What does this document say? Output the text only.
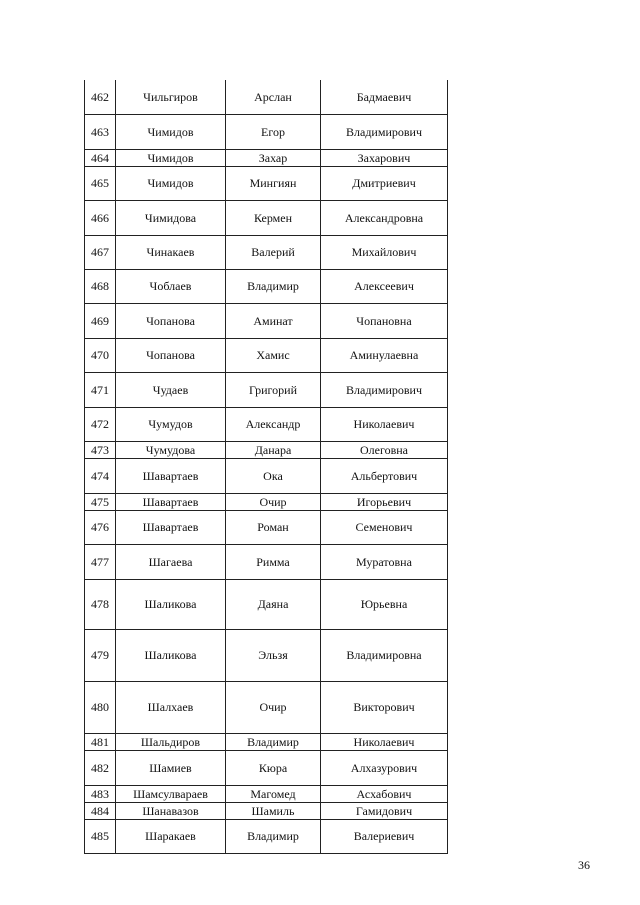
462	Чильгиров	Арслан	Бадмаевич
463	Чимидов	Егор	Владимирович
464	Чимидов	Захар	Захарович
465	Чимидов	Мингиян	Дмитриевич
466	Чимидова	Кермен	Александровна
467	Чинакаев	Валерий	Михайлович
468	Чоблаев	Владимир	Алексеевич
469	Чопанова	Аминат	Чопановна
470	Чопанова	Хамис	Аминулаевна
471	Чудаев	Григорий	Владимирович
472	Чумудов	Александр	Николаевич
473	Чумудова	Данара	Олеговна
474	Шавартаев	Ока	Альбертович
475	Шавартаев	Очир	Игорьевич
476	Шавартаев	Роман	Семенович
477	Шагаева	Римма	Муратовна
478	Шаликова	Даяна	Юрьевна
479	Шаликова	Эльзя	Владимировна
480	Шалхаев	Очир	Викторович
481	Шальдиров	Владимир	Николаевич
482	Шамиев	Кюра	Алхазурович
483	Шамсулвараев	Магомед	Асхабович
484	Шанавазов	Шамиль	Гамидович
485	Шаракаев	Владимир	Валериевич
36
